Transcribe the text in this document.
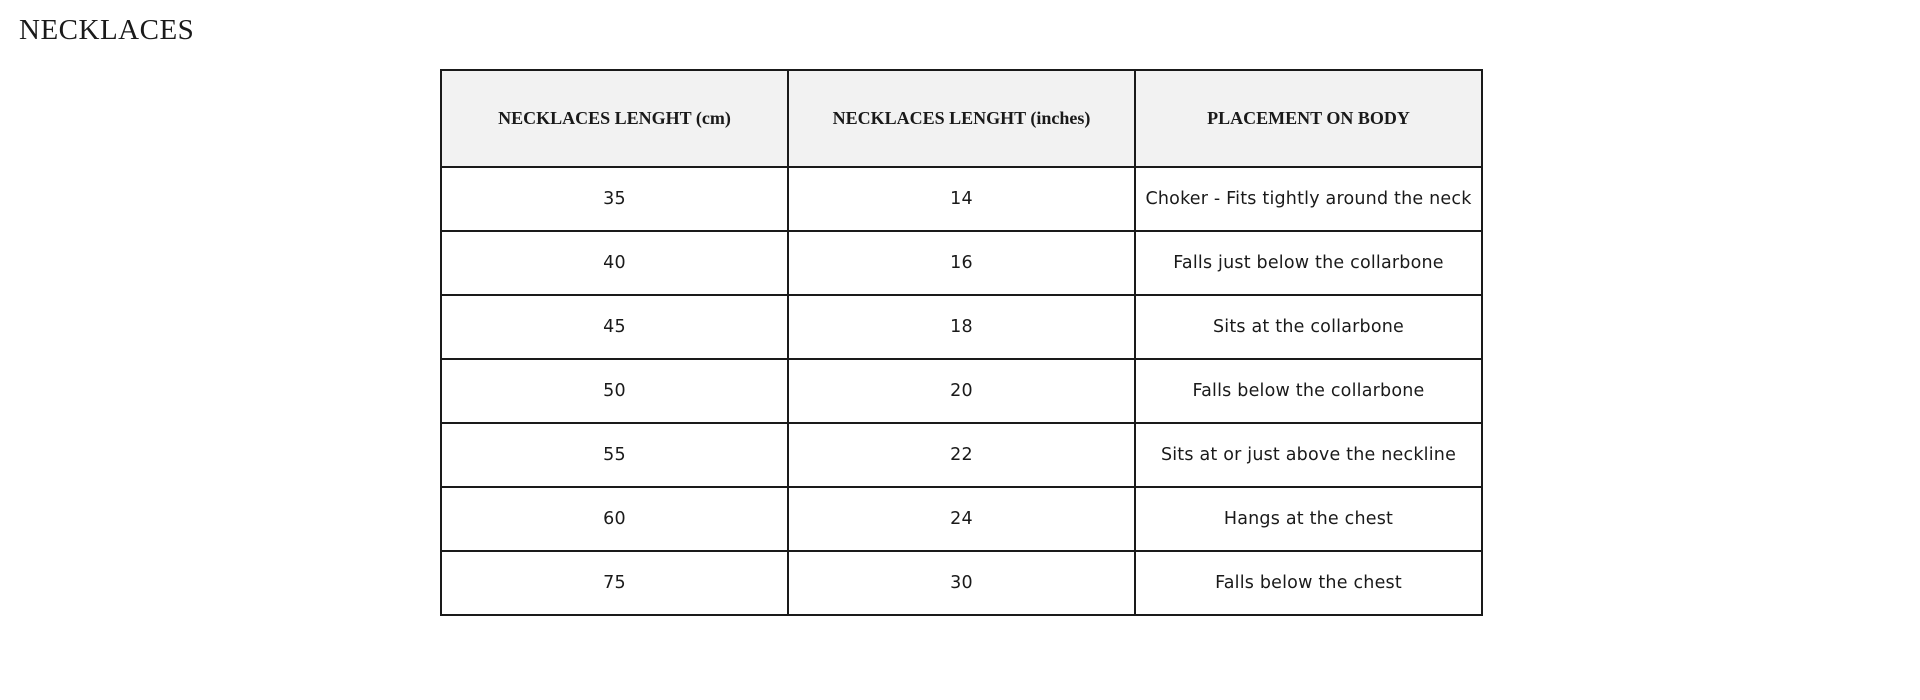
NECKLACES
NECKLACES LENGHT (cm)	NECKLACES LENGHT (inches)	PLACEMENT ON BODY
35	14	Choker - Fits tightly around the neck
40	16	Falls just below the collarbone
45	18	Sits at the collarbone
50	20	Falls below the collarbone
55	22	Sits at or just above the neckline
60	24	Hangs at the chest
75	30	Falls below the chest
